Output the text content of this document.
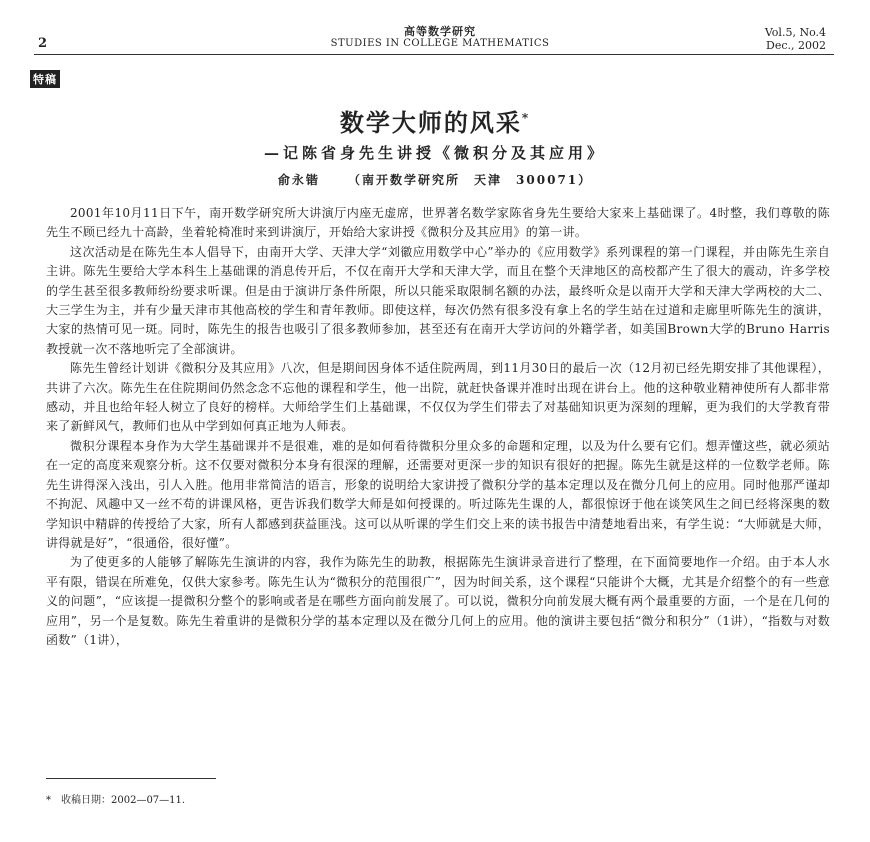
2
高等数学研究
STUDIES IN COLLEGE MATHEMATICS
Vol.5, No.4
Dec., 2002
特稿
数学大师的风采*
—记陈省身先生讲授《微积分及其应用》
俞永锴 （南开数学研究所　天津　300071）

2001年10月11日下午，南开数学研究所大讲演厅内座无虚席，世界著名数学家陈省身先生要给大家来上基础课了。4时整，我们尊敬的陈先生不顾已经九十高龄，坐着轮椅准时来到讲演厅，开始给大家讲授《微积分及其应用》的第一讲。

这次活动是在陈先生本人倡导下，由南开大学、天津大学“刘徽应用数学中心”举办的《应用数学》系列课程的第一门课程，并由陈先生亲自主讲。陈先生要给大学本科生上基础课的消息传开后，不仅在南开大学和天津大学，而且在整个天津地区的高校都产生了很大的震动，许多学校的学生甚至很多教师纷纷要求听课。但是由于演讲厅条件所限，所以只能采取限制名额的办法，最终听众是以南开大学和天津大学两校的大二、大三学生为主，并有少量天津市其他高校的学生和青年教师。即使这样，每次仍然有很多没有拿上名的学生站在过道和走廊里听陈先生的演讲，大家的热情可见一斑。同时，陈先生的报告也吸引了很多教师参加，甚至还有在南开大学访问的外籍学者，如美国Brown大学的Bruno Harris教授就一次不落地听完了全部演讲。

陈先生曾经计划讲《微积分及其应用》八次，但是期间因身体不适住院两周，到11月30日的最后一次（12月初已经先期安排了其他课程），共讲了六次。陈先生在住院期间仍然念念不忘他的课程和学生，他一出院，就赶快备课并准时出现在讲台上。他的这种敬业精神使所有人都非常感动，并且也给年轻人树立了良好的榜样。大师给学生们上基础课，不仅仅为学生们带去了对基础知识更为深刻的理解，更为我们的大学教育带来了新鲜风气，教师们也从中学到如何真正地为人师表。

微积分课程本身作为大学生基础课并不是很难，难的是如何看待微积分里众多的命题和定理，以及为什么要有它们。想弄懂这些，就必须站在一定的高度来观察分析。这不仅要对微积分本身有很深的理解，还需要对更深一步的知识有很好的把握。陈先生就是这样的一位数学老师。陈先生讲得深入浅出，引人入胜。他用非常简洁的语言，形象的说明给大家讲授了微积分学的基本定理以及在微分几何上的应用。同时他那严谨却不拘泥、风趣中又一丝不苟的讲课风格，更告诉我们数学大师是如何授课的。听过陈先生课的人，都很惊讶于他在谈笑风生之间已经将深奥的数学知识中精辟的传授给了大家，所有人都感到获益匪浅。这可以从听课的学生们交上来的读书报告中清楚地看出来，有学生说：“大师就是大师，讲得就是好”，“很通俗，很好懂”。

为了使更多的人能够了解陈先生演讲的内容，我作为陈先生的助教，根据陈先生演讲录音进行了整理，在下面简要地作一介绍。由于本人水平有限，错误在所难免，仅供大家参考。陈先生认为“微积分的范围很广”，因为时间关系，这个课程“只能讲个大概，尤其是介绍整个的有一些意义的问题”，“应该提一提微积分整个的影响或者是在哪些方面向前发展了。可以说，微积分向前发展大概有两个最重要的方面，一个是在几何的应用”，另一个是复数。陈先生着重讲的是微积分学的基本定理以及在微分几何上的应用。他的演讲主要包括“微分和积分”（1讲），“指数与对数函数”（1讲），

*　收稿日期：2002—07—11.
